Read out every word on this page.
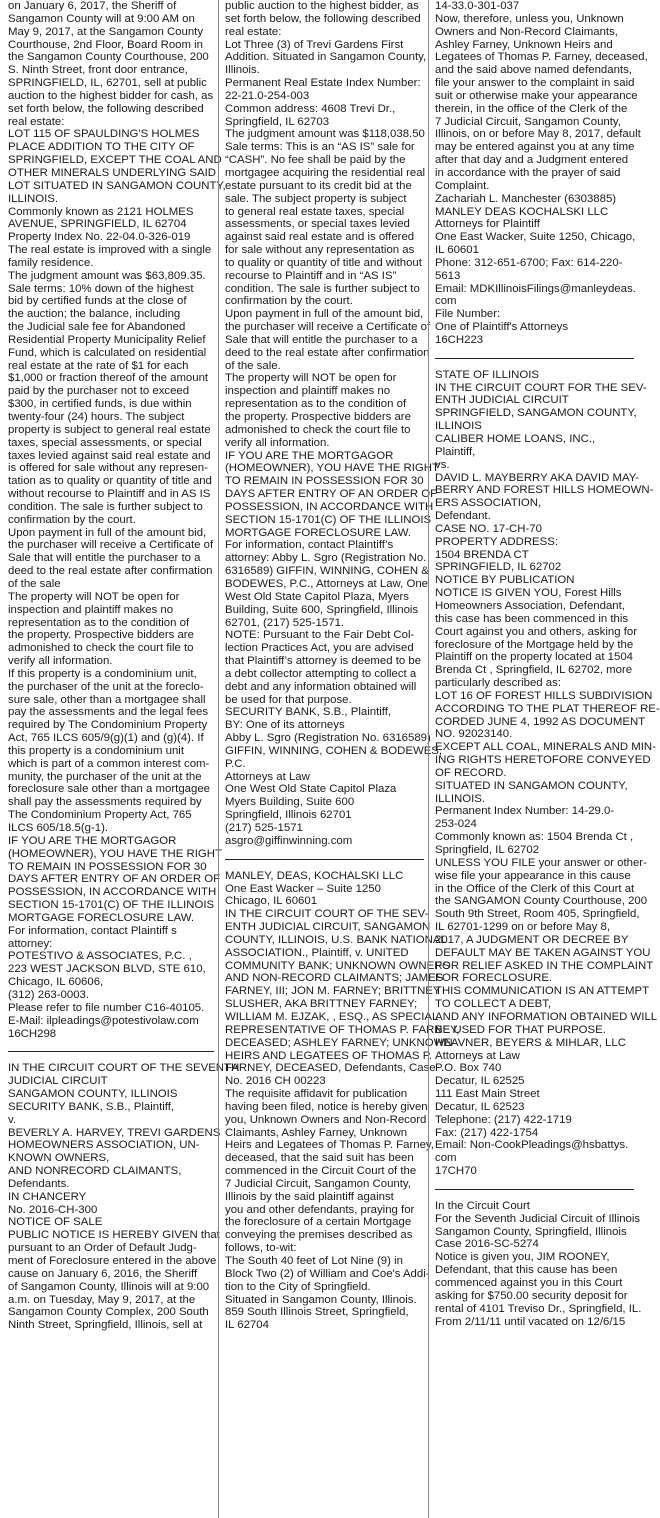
on January 6, 2017, the Sheriff of
Sangamon County will at 9:00 AM on
May 9, 2017, at the Sangamon County
Courthouse, 2nd Floor, Board Room in
the Sangamon County Courthouse, 200
S. Ninth Street, front door entrance,
SPRINGFIELD, IL, 62701, sell at public
auction to the highest bidder for cash, as
set forth below, the following described
real estate:
LOT 115 OF SPAULDING'S HOLMES
PLACE ADDITION TO THE CITY OF
SPRINGFIELD, EXCEPT THE COAL AND
OTHER MINERALS UNDERLYING SAID
LOT SITUATED IN SANGAMON COUNTY,
ILLINOIS.
Commonly known as 2121 HOLMES
AVENUE, SPRINGFIELD, IL 62704
Property Index No. 22-04.0-326-019
The real estate is improved with a single
family residence.
The judgment amount was $63,809.35.
Sale terms: 10% down of the highest
bid by certified funds at the close of
the auction; the balance, including
the Judicial sale fee for Abandoned
Residential Property Municipality Relief
Fund, which is calculated on residential
real estate at the rate of $1 for each
$1,000 or fraction thereof of the amount
paid by the purchaser not to exceed
$300, in certified funds, is due within
twenty-four (24) hours. The subject
property is subject to general real estate
taxes, special assessments, or special
taxes levied against said real estate and
is offered for sale without any represen-
tation as to quality or quantity of title and
without recourse to Plaintiff and in AS IS
condition. The sale is further subject to
confirmation by the court.
Upon payment in full of the amount bid,
the purchaser will receive a Certificate of
Sale that will entitle the purchaser to a
deed to the real estate after confirmation
of the sale
The property will NOT be open for
inspection and plaintiff makes no
representation as to the condition of
the property. Prospective bidders are
admonished to check the court file to
verify all information.
If this property is a condominium unit,
the purchaser of the unit at the foreclo-
sure sale, other than a mortgagee shall
pay the assessments and the legal fees
required by The Condominium Property
Act, 765 ILCS 605/9(g)(1) and (g)(4). If
this property is a condominium unit
which is part of a common interest com-
munity, the purchaser of the unit at the
foreclosure sale other than a mortgagee
shall pay the assessments required by
The Condominium Property Act, 765
ILCS 605/18.5(g-1).
IF YOU ARE THE MORTGAGOR
(HOMEOWNER), YOU HAVE THE RIGHT
TO REMAIN IN POSSESSION FOR 30
DAYS AFTER ENTRY OF AN ORDER OF
POSSESSION, IN ACCORDANCE WITH
SECTION 15-1701(C) OF THE ILLINOIS
MORTGAGE FORECLOSURE LAW.
For information, contact Plaintiff s
attorney:
POTESTIVO & ASSOCIATES, P.C. ,
223 WEST JACKSON BLVD, STE 610,
Chicago, IL 60606,
(312) 263-0003.
Please refer to file number C16-40105.
E-Mail: ilpleadings@potestivolaw.com
16CH298
IN THE CIRCUIT COURT OF THE SEVENTH
JUDICIAL CIRCUIT
SANGAMON COUNTY, ILLINOIS
SECURITY BANK, S.B., Plaintiff,
v.
BEVERLY A. HARVEY, TREVI GARDENS
HOMEOWNERS ASSOCIATION, UN-
KNOWN OWNERS,
AND NONRECORD CLAIMANTS,
Defendants.
IN CHANCERY
No. 2016-CH-300
NOTICE OF SALE
PUBLIC NOTICE IS HEREBY GIVEN that
pursuant to an Order of Default Judg-
ment of Foreclosure entered in the above
cause on January 6, 2016, the Sheriff
of Sangamon County, Illinois will at 9:00
a.m. on Tuesday, May 9, 2017, at the
Sangamon County Complex, 200 South
Ninth Street, Springfield, Illinois, sell at
public auction to the highest bidder, as
set forth below, the following described
real estate:
Lot Three (3) of Trevi Gardens First
Addition. Situated in Sangamon County,
Illinois.
Permanent Real Estate Index Number:
22-21.0-254-003
Common address: 4608 Trevi Dr.,
Springfield, IL 62703
The judgment amount was $118,038.50
Sale terms: This is an “AS IS” sale for
“CASH”. No fee shall be paid by the
mortgagee acquiring the residential real
estate pursuant to its credit bid at the
sale. The subject property is subject
to general real estate taxes, special
assessments, or special taxes levied
against said real estate and is offered
for sale without any representation as
to quality or quantity of title and without
recourse to Plaintiff and in “AS IS”
condition. The sale is further subject to
confirmation by the court.
Upon payment in full of the amount bid,
the purchaser will receive a Certificate of
Sale that will entitle the purchaser to a
deed to the real estate after confirmation
of the sale.
The property will NOT be open for
inspection and plaintiff makes no
representation as to the condition of
the property. Prospective bidders are
admonished to check the court file to
verify all information.
IF YOU ARE THE MORTGAGOR
(HOMEOWNER), YOU HAVE THE RIGHT
TO REMAIN IN POSSESSION FOR 30
DAYS AFTER ENTRY OF AN ORDER OF
POSSESSION, IN ACCORDANCE WITH
SECTION 15-1701(C) OF THE ILLINOIS
MORTGAGE FORECLOSURE LAW.
For information, contact Plaintiff’s
attorney: Abby L. Sgro (Registration No.
6316589) GIFFIN, WINNING, COHEN &
BODEWES, P.C., Attorneys at Law, One
West Old State Capitol Plaza, Myers
Building, Suite 600, Springfield, Illinois
62701, (217) 525-1571.
NOTE: Pursuant to the Fair Debt Col-
lection Practices Act, you are advised
that Plaintiff’s attorney is deemed to be
a debt collector attempting to collect a
debt and any information obtained will
be used for that purpose.
SECURITY BANK, S.B., Plaintiff,
BY: One of its attorneys
Abby L. Sgro (Registration No. 6316589)
GIFFIN, WINNING, COHEN & BODEWES,
P.C.
Attorneys at Law
One West Old State Capitol Plaza
Myers Building, Suite 600
Springfield, Illinois 62701
(217) 525-1571
asgro@giffinwinning.com
MANLEY, DEAS, KOCHALSKI LLC
One East Wacker – Suite 1250
Chicago, IL 60601
IN THE CIRCUIT COURT OF THE SEV-
ENTH JUDICIAL CIRCUIT, SANGAMON
COUNTY, ILLINOIS, U.S. BANK NATIONAL
ASSOCIATION., Plaintiff, v. UNITED
COMMUNITY BANK; UNKNOWN OWNERS
AND NON-RECORD CLAIMANTS; JAMES
FARNEY, III; JON M. FARNEY; BRITTNEY
SLUSHER, AKA BRITTNEY FARNEY;
WILLIAM M. EJZAK, , ESQ., AS SPECIAL
REPRESENTATIVE OF THOMAS P. FARNEY,
DECEASED; ASHLEY FARNEY; UNKNOWN
HEIRS AND LEGATEES OF THOMAS P.
FARNEY, DECEASED, Defendants, Case
No. 2016 CH 00223
The requisite affidavit for publication
having been filed, notice is hereby given
you, Unknown Owners and Non-Record
Claimants, Ashley Farney, Unknown
Heirs and Legatees of Thomas P. Farney,
deceased, that the said suit has been
commenced in the Circuit Court of the
7 Judicial Circuit, Sangamon County,
Illinois by the said plaintiff against
you and other defendants, praying for
the foreclosure of a certain Mortgage
conveying the premises described as
follows, to-wit:
The South 40 feet of Lot Nine (9) in
Block Two (2) of William and Coe's Addi-
tion to the City of Springfield.
Situated in Sangamon County, Illinois.
859 South Illinois Street, Springfield,
IL 62704
14-33.0-301-037
Now, therefore, unless you, Unknown
Owners and Non-Record Claimants,
Ashley Farney, Unknown Heirs and
Legatees of Thomas P. Farney, deceased,
and the said above named defendants,
file your answer to the complaint in said
suit or otherwise make your appearance
therein, in the office of the Clerk of the
7 Judicial Circuit, Sangamon County,
Illinois, on or before May 8, 2017, default
may be entered against you at any time
after that day and a Judgment entered
in accordance with the prayer of said
Complaint.
Zachariah L. Manchester (6303885)
MANLEY DEAS KOCHALSKI LLC
Attorneys for Plaintiff
One East Wacker, Suite 1250, Chicago,
IL 60601
Phone: 312-651-6700; Fax: 614-220-
5613
Email: MDKIllinoisFilings@manleydeas.
com
File Number:
One of Plaintiff's Attorneys
16CH223
STATE OF ILLINOIS
IN THE CIRCUIT COURT FOR THE SEV-
ENTH JUDICIAL CIRCUIT
SPRINGFIELD, SANGAMON COUNTY,
ILLINOIS
CALIBER HOME LOANS, INC.,
Plaintiff,
vs.
DAVID L. MAYBERRY AKA DAVID MAY-
BERRY AND FOREST HILLS HOMEOWN-
ERS ASSOCIATION,
Defendant.
CASE NO. 17-CH-70
PROPERTY ADDRESS:
1504 BRENDA CT
SPRINGFIELD, IL 62702
NOTICE BY PUBLICATION
NOTICE IS GIVEN YOU, Forest Hills
Homeowners Association, Defendant,
this case has been commenced in this
Court against you and others, asking for
foreclosure of the Mortgage held by the
Plaintiff on the property located at 1504
Brenda Ct , Springfield, IL 62702, more
particularly described as:
LOT 16 OF FOREST HILLS SUBDIVISION
ACCORDING TO THE PLAT THEREOF RE-
CORDED JUNE 4, 1992 AS DOCUMENT
NO. 92023140.
EXCEPT ALL COAL, MINERALS AND MIN-
ING RIGHTS HERETOFORE CONVEYED
OF RECORD.
SITUATED IN SANGAMON COUNTY,
ILLINOIS.
Permanent Index Number: 14-29.0-
253-024
Commonly known as: 1504 Brenda Ct ,
Springfield, IL 62702
UNLESS YOU FILE your answer or other-
wise file your appearance in this cause
in the Office of the Clerk of this Court at
the SANGAMON County Courthouse, 200
South 9th Street, Room 405, Springfield,
IL 62701-1299 on or before May 8,
2017, A JUDGMENT OR DECREE BY
DEFAULT MAY BE TAKEN AGAINST YOU
FOR RELIEF ASKED IN THE COMPLAINT
FOR FORECLOSURE.
THIS COMMUNICATION IS AN ATTEMPT
TO COLLECT A DEBT,
AND ANY INFORMATION OBTAINED WILL
BE USED FOR THAT PURPOSE.
HEAVNER, BEYERS & MIHLAR, LLC
Attorneys at Law
P.O. Box 740
Decatur, IL 62525
111 East Main Street
Decatur, IL 62523
Telephone: (217) 422-1719
Fax: (217) 422-1754
Email: Non-CookPleadings@hsbattys.
com
17CH70
In the Circuit Court
For the Seventh Judicial Circuit of Illinois
Sangamon County, Springfield, Illinois
Case 2016-SC-5274
Notice is given you, JIM ROONEY,
Defendant, that this cause has been
commenced against you in this Court
asking for $750.00 security deposit for
rental of 4101 Treviso Dr., Springfield, IL.
From 2/11/11 until vacated on 12/6/15
